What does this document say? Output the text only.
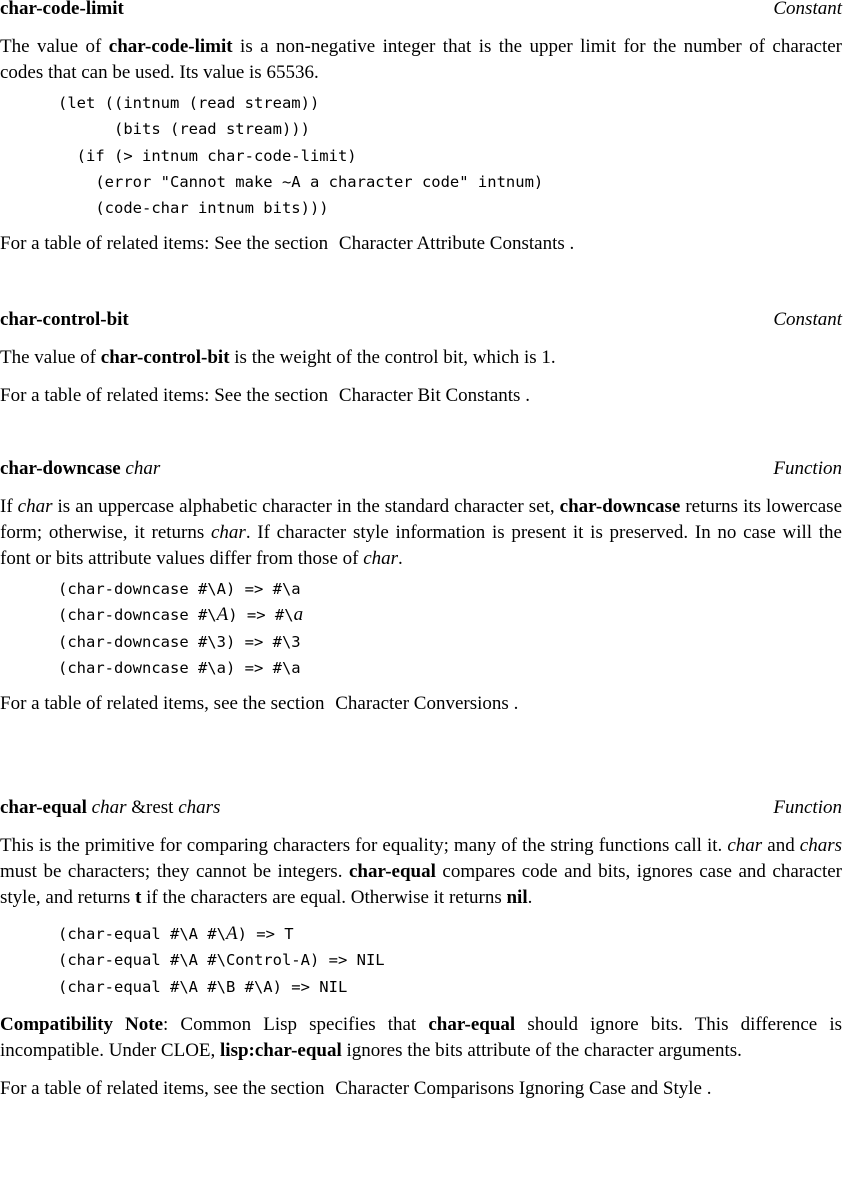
char-code-limit	Constant

The value of char-code-limit is a non-negative integer that is the upper limit for the number of character codes that can be used. Its value is 65536.

(let ((intnum (read stream))
(bits (read stream)))
(if (> intnum char-code-limit)
(error "Cannot make ~A a character code" intnum)
(code-char intnum bits)))

For a table of related items: See the section Character Attribute Constants .

char-control-bit	Constant

The value of char-control-bit is the weight of the control bit, which is 1.

For a table of related items: See the section Character Bit Constants .

char-downcase char	Function

If char is an uppercase alphabetic character in the standard character set, char-downcase returns its lowercase form; otherwise, it returns char. If character style information is present it is preserved. In no case will the font or bits attribute values differ from those of char.

(char-downcase #\A) => #\a
(char-downcase #\A) => #\a
(char-downcase #\3) => #\3
(char-downcase #\a) => #\a

For a table of related items, see the section Character Conversions .

char-equal char &rest chars	Function

This is the primitive for comparing characters for equality; many of the string functions call it. char and chars must be characters; they cannot be integers. char-equal compares code and bits, ignores case and character style, and returns t if the characters are equal. Otherwise it returns nil.

(char-equal #\A #\A) => T
(char-equal #\A #\Control-A) => NIL
(char-equal #\A #\B #\A) => NIL

Compatibility Note: Common Lisp specifies that char-equal should ignore bits. This difference is incompatible. Under CLOE, lisp:char-equal ignores the bits attribute of the character arguments.

For a table of related items, see the section Character Comparisons Ignoring Case and Style .
